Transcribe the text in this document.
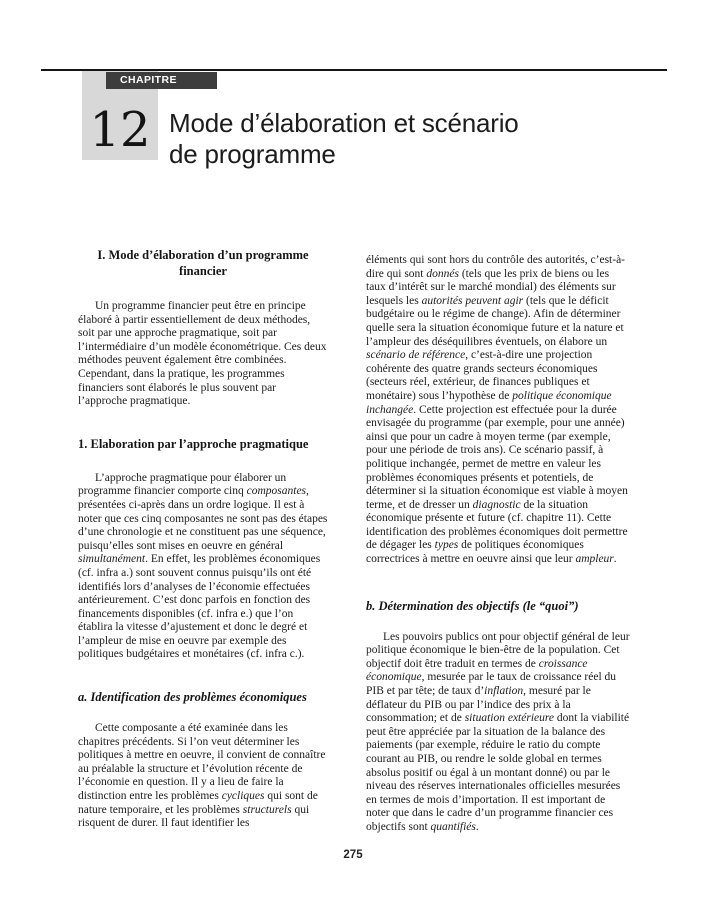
CHAPITRE
12 Mode d’élaboration et scénario
de programme
I. Mode d’élaboration d’un programme financier
Un programme financier peut être en principe élaboré à partir essentiellement de deux méthodes, soit par une approche pragmatique, soit par l’intermédiaire d’un modèle économétrique. Ces deux méthodes peuvent également être combinées. Cependant, dans la pratique, les programmes financiers sont élaborés le plus souvent par l’approche pragmatique.
1. Elaboration par l’approche pragmatique
L’approche pragmatique pour élaborer un programme financier comporte cinq composantes, présentées ci-après dans un ordre logique. Il est à noter que ces cinq composantes ne sont pas des étapes d’une chronologie et ne constituent pas une séquence, puisqu’elles sont mises en oeuvre en général simultanément. En effet, les problèmes économiques (cf. infra a.) sont souvent connus puisqu’ils ont été identifiés lors d’analyses de l’économie effectuées antérieurement. C’est donc parfois en fonction des financements disponibles (cf. infra e.) que l’on établira la vitesse d’ajustement et donc le degré et l’ampleur de mise en oeuvre par exemple des politiques budgétaires et monétaires (cf. infra c.).
a. Identification des problèmes économiques
Cette composante a été examinée dans les chapitres précédents. Si l’on veut déterminer les politiques à mettre en oeuvre, il convient de connaître au préalable la structure et l’évolution récente de l’économie en question. Il y a lieu de faire la distinction entre les problèmes cycliques qui sont de nature temporaire, et les problèmes structurels qui risquent de durer. Il faut identifier les
éléments qui sont hors du contrôle des autorités, c’est-à-dire qui sont donnés (tels que les prix de biens ou les taux d’intérêt sur le marché mondial) des éléments sur lesquels les autorités peuvent agir (tels que le déficit budgétaire ou le régime de change). Afin de déterminer quelle sera la situation économique future et la nature et l’ampleur des déséquilibres éventuels, on élabore un scénario de référence, c’est-à-dire une projection cohérente des quatre grands secteurs économiques (secteurs réel, extérieur, de finances publiques et monétaire) sous l’hypothèse de politique économique inchangée. Cette projection est effectuée pour la durée envisagée du programme (par exemple, pour une année) ainsi que pour un cadre à moyen terme (par exemple, pour une période de trois ans). Ce scénario passif, à politique inchangée, permet de mettre en valeur les problèmes économiques présents et potentiels, de déterminer si la situation économique est viable à moyen terme, et de dresser un diagnostic de la situation économique présente et future (cf. chapitre 11). Cette identification des problèmes économiques doit permettre de dégager les types de politiques économiques correctrices à mettre en oeuvre ainsi que leur ampleur.
b. Détermination des objectifs (le “quoi”)
Les pouvoirs publics ont pour objectif général de leur politique économique le bien-être de la population. Cet objectif doit être traduit en termes de croissance économique, mesurée par le taux de croissance réel du PIB et par tête; de taux d’inflation, mesuré par le déflateur du PIB ou par l’indice des prix à la consommation; et de situation extérieure dont la viabilité peut être appréciée par la situation de la balance des paiements (par exemple, réduire le ratio du compte courant au PIB, ou rendre le solde global en termes absolus positif ou égal à un montant donné) ou par le niveau des réserves internationales officielles mesurées en termes de mois d’importation. Il est important de noter que dans le cadre d’un programme financier ces objectifs sont quantifiés.
275
